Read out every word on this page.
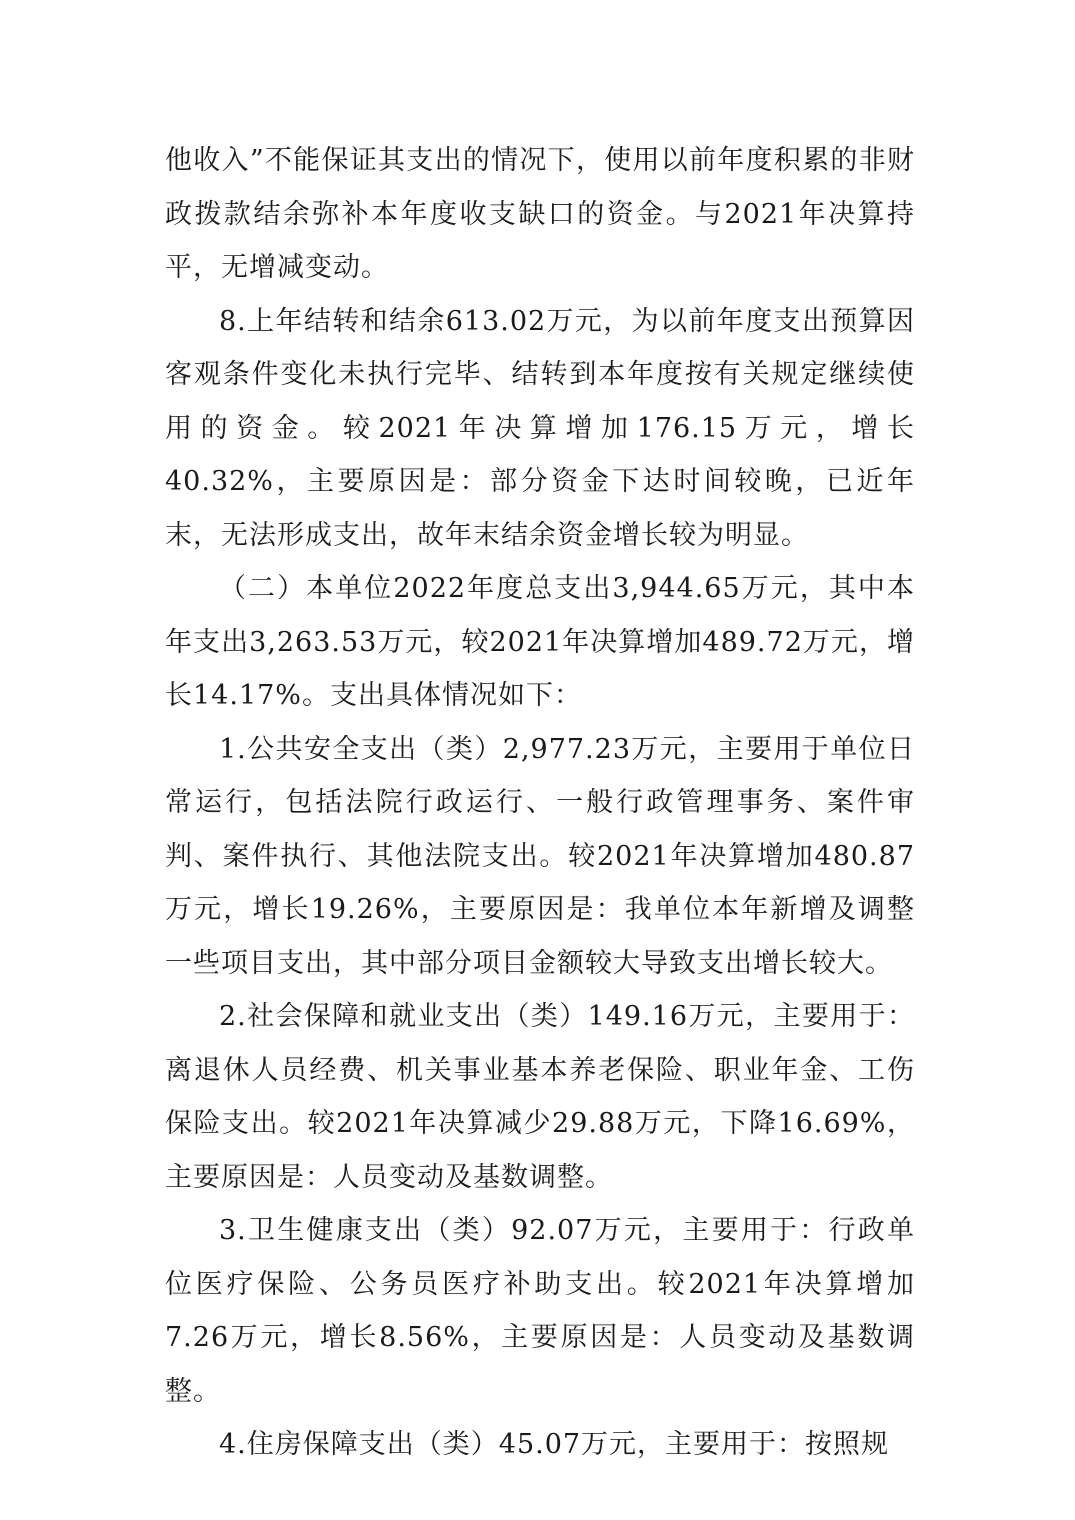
他收入”不能保证其支出的情况下，使用以前年度积累的非财政拨款结余弥补本年度收支缺口的资金。与2021年决算持平，无增减变动。

8.上年结转和结余613.02万元，为以前年度支出预算因客观条件变化未执行完毕、结转到本年度按有关规定继续使用的资金。较2021年决算增加176.15万元，增长40.32%，主要原因是：部分资金下达时间较晚，已近年末，无法形成支出，故年末结余资金增长较为明显。

（二）本单位2022年度总支出3,944.65万元，其中本年支出3,263.53万元，较2021年决算增加489.72万元，增长14.17%。支出具体情况如下：

1.公共安全支出（类）2,977.23万元，主要用于单位日常运行，包括法院行政运行、一般行政管理事务、案件审判、案件执行、其他法院支出。较2021年决算增加480.87万元，增长19.26%，主要原因是：我单位本年新增及调整一些项目支出，其中部分项目金额较大导致支出增长较大。

2.社会保障和就业支出（类）149.16万元，主要用于：离退休人员经费、机关事业基本养老保险、职业年金、工伤保险支出。较2021年决算减少29.88万元，下降16.69%，主要原因是：人员变动及基数调整。

3.卫生健康支出（类）92.07万元，主要用于：行政单位医疗保险、公务员医疗补助支出。较2021年决算增加7.26万元，增长8.56%，主要原因是：人员变动及基数调整。

4.住房保障支出（类）45.07万元，主要用于：按照规
